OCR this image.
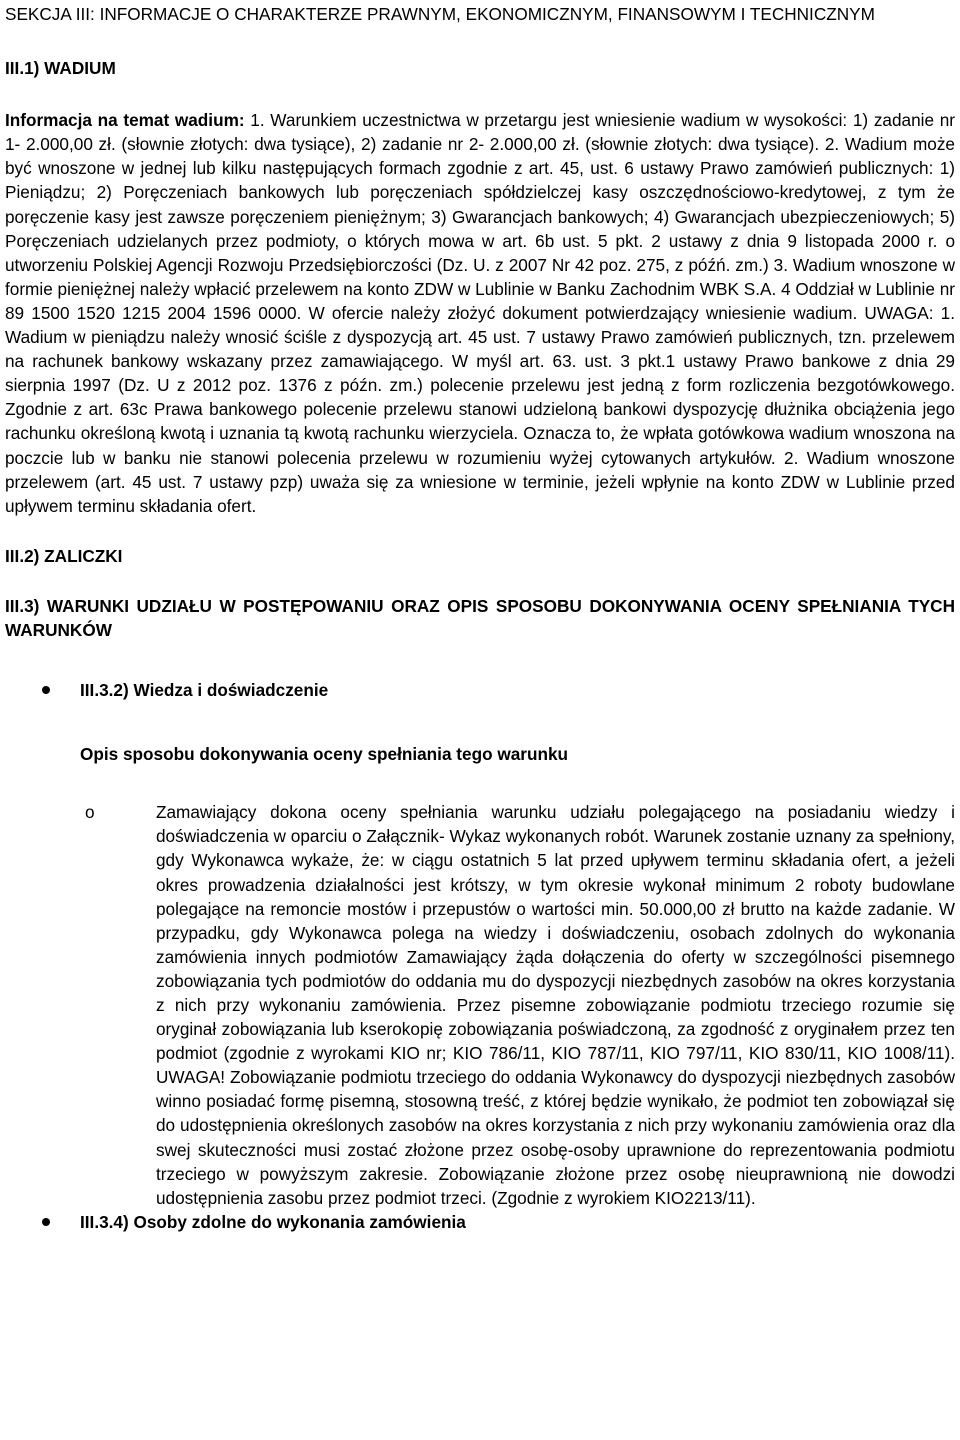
SEKCJA III: INFORMACJE O CHARAKTERZE PRAWNYM, EKONOMICZNYM, FINANSOWYM I TECHNICZNYM

III.1) WADIUM

Informacja na temat wadium: 1. Warunkiem uczestnictwa w przetargu jest wniesienie wadium w wysokości: 1) zadanie nr 1- 2.000,00 zł. (słownie złotych: dwa tysiące), 2) zadanie nr 2- 2.000,00 zł. (słownie złotych: dwa tysiące). 2. Wadium może być wnoszone w jednej lub kilku następujących formach zgodnie z art. 45, ust. 6 ustawy Prawo zamówień publicznych: 1) Pieniądzu; 2) Poręczeniach bankowych lub poręczeniach spółdzielczej kasy oszczędnościowo-kredytowej, z tym że poręczenie kasy jest zawsze poręczeniem pieniężnym; 3) Gwarancjach bankowych; 4) Gwarancjach ubezpieczeniowych; 5) Poręczeniach udzielanych przez podmioty, o których mowa w art. 6b ust. 5 pkt. 2 ustawy z dnia 9 listopada 2000 r. o utworzeniu Polskiej Agencji Rozwoju Przedsiębiorczości (Dz. U. z 2007 Nr 42 poz. 275, z późń. zm.) 3. Wadium wnoszone w formie pieniężnej należy wpłacić przelewem na konto ZDW w Lublinie w Banku Zachodnim WBK S.A. 4 Oddział w Lublinie nr 89 1500 1520 1215 2004 1596 0000. W ofercie należy złożyć dokument potwierdzający wniesienie wadium. UWAGA: 1. Wadium w pieniądzu należy wnosić ściśle z dyspozycją art. 45 ust. 7 ustawy Prawo zamówień publicznych, tzn. przelewem na rachunek bankowy wskazany przez zamawiającego. W myśl art. 63. ust. 3 pkt.1 ustawy Prawo bankowe z dnia 29 sierpnia 1997 (Dz. U z 2012 poz. 1376 z późn. zm.) polecenie przelewu jest jedną z form rozliczenia bezgotówkowego. Zgodnie z art. 63c Prawa bankowego polecenie przelewu stanowi udzieloną bankowi dyspozycję dłużnika obciążenia jego rachunku określoną kwotą i uznania tą kwotą rachunku wierzyciela. Oznacza to, że wpłata gotówkowa wadium wnoszona na poczcie lub w banku nie stanowi polecenia przelewu w rozumieniu wyżej cytowanych artykułów. 2. Wadium wnoszone przelewem (art. 45 ust. 7 ustawy pzp) uważa się za wniesione w terminie, jeżeli wpłynie na konto ZDW w Lublinie przed upływem terminu składania ofert.

III.2) ZALICZKI

III.3) WARUNKI UDZIAŁU W POSTĘPOWANIU ORAZ OPIS SPOSOBU DOKONYWANIA OCENY SPEŁNIANIA TYCH WARUNKÓW

III.3.2) Wiedza i doświadczenie

Opis sposobu dokonywania oceny spełniania tego warunku

o	Zamawiający dokona oceny spełniania warunku udziału polegającego na posiadaniu wiedzy i doświadczenia w oparciu o Załącznik- Wykaz wykonanych robót. Warunek zostanie uznany za spełniony, gdy Wykonawca wykaże, że: w ciągu ostatnich 5 lat przed upływem terminu składania ofert, a jeżeli okres prowadzenia działalności jest krótszy, w tym okresie wykonał minimum 2 roboty budowlane polegające na remoncie mostów i przepustów o wartości min. 50.000,00 zł brutto na każde zadanie. W przypadku, gdy Wykonawca polega na wiedzy i doświadczeniu, osobach zdolnych do wykonania zamówienia innych podmiotów Zamawiający żąda dołączenia do oferty w szczególności pisemnego zobowiązania tych podmiotów do oddania mu do dyspozycji niezbędnych zasobów na okres korzystania z nich przy wykonaniu zamówienia. Przez pisemne zobowiązanie podmiotu trzeciego rozumie się oryginał zobowiązania lub kserokopię zobowiązania poświadczoną, za zgodność z oryginałem przez ten podmiot (zgodnie z wyrokami KIO nr; KIO 786/11, KIO 787/11, KIO 797/11, KIO 830/11, KIO 1008/11). UWAGA! Zobowiązanie podmiotu trzeciego do oddania Wykonawcy do dyspozycji niezbędnych zasobów winno posiadać formę pisemną, stosowną treść, z której będzie wynikało, że podmiot ten zobowiązał się do udostępnienia określonych zasobów na okres korzystania z nich przy wykonaniu zamówienia oraz dla swej skuteczności musi zostać złożone przez osobę-osoby uprawnione do reprezentowania podmiotu trzeciego w powyższym zakresie. Zobowiązanie złożone przez osobę nieuprawnioną nie dowodzi udostępnienia zasobu przez podmiot trzeci. (Zgodnie z wyrokiem KIO2213/11).

III.3.4) Osoby zdolne do wykonania zamówienia
